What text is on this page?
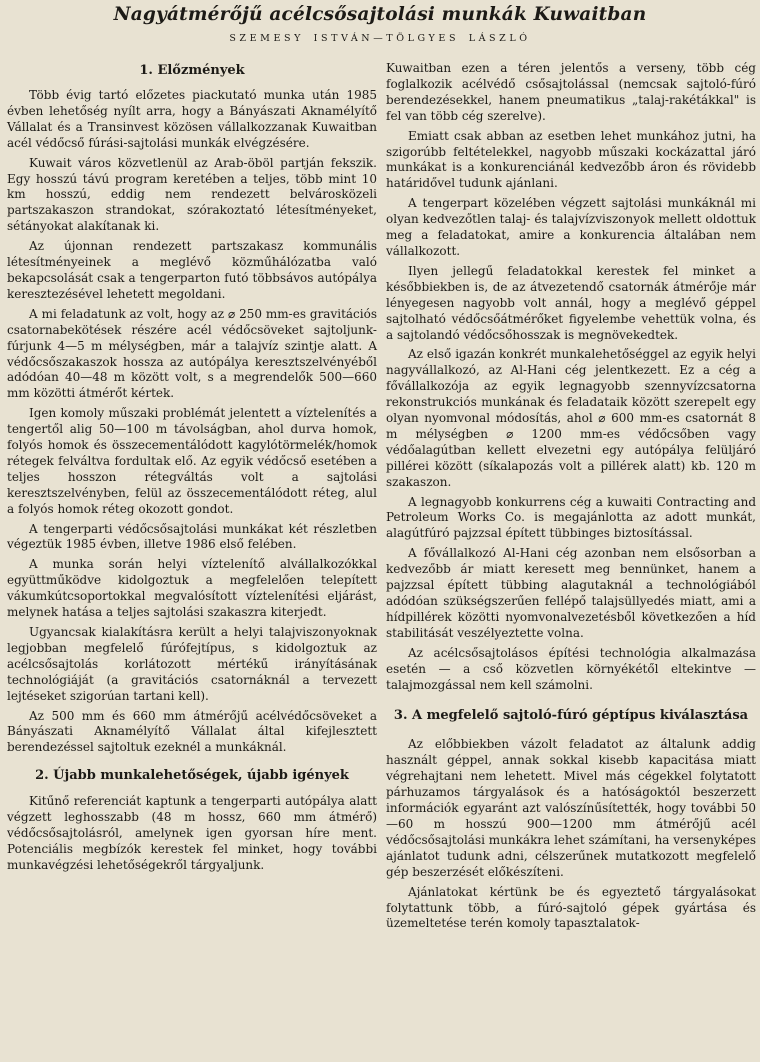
Nagyátmérőjű acélcsősajtolási munkák Kuwaitban
SZEMESY ISTVÁN—TÖLGYES LÁSZLÓ
1. Előzmények

Több évig tartó előzetes piackutató munka után 1985 évben lehetőség nyílt arra, hogy a Bányászati Aknamélyítő Vállalat és a Transinvest közösen vállalkozzanak Kuwaitban acél védőcső fúrási-sajtolási munkák elvégzésére.

Kuwait város közvetlenül az Arab-öböl partján fekszik. Egy hosszú távú program keretében a teljes, több mint 10 km hosszú, eddig nem rendezett belvárosközeli partszakaszon strandokat, szórakoztató létesítményeket, sétányokat alakítanak ki.

Az újonnan rendezett partszakasz kommunális létesítményeinek a meglévő közműhálózatba való bekapcsolását csak a tengerparton futó többsávos autópálya keresztezésével lehetett megoldani.

A mi feladatunk az volt, hogy az ⌀ 250 mm-es gravitációs csatornabekötések részére acél védőcsöveket sajtoljunk-fúrjunk 4—5 m mélységben, már a talajvíz szintje alatt. A védőcsőszakaszok hossza az autópálya keresztszelvényéből adódóan 40—48 m között volt, s a megrendelők 500—660 mm közötti átmérőt kértek.

Igen komoly műszaki problémát jelentett a víztelenítés a tengertől alig 50—100 m távolságban, ahol durva homok, folyós homok és összecementálódott kagylótörmelék/homok rétegek felváltva fordultak elő. Az egyik védőcső esetében a teljes hosszon rétegváltás volt a sajtolási keresztszelvényben, felül az összecementálódott réteg, alul a folyós homok réteg okozott gondot.

A tengerparti védőcsősajtolási munkákat két részletben végeztük 1985 évben, illetve 1986 első felében.

A munka során helyi víztelenítő alvállalkozókkal együttműködve kidolgoztuk a megfelelően telepített vákumkútcsoportokkal megvalósított víztelenítési eljárást, melynek hatása a teljes sajtolási szakaszra kiterjedt.

Ugyancsak kialakításra került a helyi talajviszonyoknak legjobban megfelelő fúrófejtípus, s kidolgoztuk az acélcsősajtolás korlátozott mértékű irányításának technológiáját (a gravitációs csatornáknál a tervezett lejtéseket szigorúan tartani kell).

Az 500 mm és 660 mm átmérőjű acélvédőcsöveket a Bányászati Aknamélyítő Vállalat által kifejlesztett berendezéssel sajtoltuk ezeknél a munkáknál.

2. Újabb munkalehetőségek, újabb igények

Kitűnő referenciát kaptunk a tengerparti autópálya alatt végzett leghosszabb (48 m hossz, 660 mm átmérő) védőcsősajtolásról, amelynek igen gyorsan híre ment. Potenciális megbízók kerestek fel minket, hogy további munkavégzési lehetőségekről tárgyaljunk.

Kuwaitban ezen a téren jelentős a verseny, több cég foglalkozik acélvédő csősajtolással (nemcsak sajtoló-fúró berendezésekkel, hanem pneumatikus „talaj-rakétákkal" is fel van több cég szerelve).

Emiatt csak abban az esetben lehet munkához jutni, ha szigorúbb feltételekkel, nagyobb műszaki kockázattal járó munkákat is a konkurenciánál kedvezőbb áron és rövidebb határidővel tudunk ajánlani.

A tengerpart közelében végzett sajtolási munkáknál mi olyan kedvezőtlen talaj- és talajvízviszonyok mellett oldottuk meg a feladatokat, amire a konkurencia általában nem vállalkozott.

Ilyen jellegű feladatokkal kerestek fel minket a későbbiekben is, de az átvezetendő csatornák átmérője már lényegesen nagyobb volt annál, hogy a meglévő géppel sajtolható védőcsőátmérőket figyelembe vehettük volna, és a sajtolandó védőcsőhosszak is megnövekedtek.

Az első igazán konkrét munkalehetőséggel az egyik helyi nagyvállalkozó, az Al-Hani cég jelentkezett. Ez a cég a fővállalkozója az egyik legnagyobb szennyvízcsatorna rekonstrukciós munkának és feladataik között szerepelt egy olyan nyomvonal módosítás, ahol ⌀ 600 mm-es csatornát 8 m mélységben ⌀ 1200 mm-es védőcsőben vagy védőalagútban kellett elvezetni egy autópálya felüljáró pillérei között (síkalapozás volt a pillérek alatt) kb. 120 m szakaszon.

A legnagyobb konkurrens cég a kuwaiti Contracting and Petroleum Works Co. is megajánlotta az adott munkát, alagútfúró pajzzsal épített tübbinges biztosítással.

A fővállalkozó Al-Hani cég azonban nem elsősorban a kedvezőbb ár miatt keresett meg bennünket, hanem a pajzzsal épített tübbing alagutaknál a technológiából adódóan szükségszerűen fellépő talajsüllyedés miatt, ami a hídpillérek közötti nyomvonalvezetésből következően a híd stabilitását veszélyeztette volna.

Az acélcsősajtolásos építési technológia alkalmazása esetén — a cső közvetlen környékétől eltekintve — talajmozgással nem kell számolni.

3. A megfelelő sajtoló-fúró géptípus kiválasztása

Az előbbiekben vázolt feladatot az általunk addig használt géppel, annak sokkal kisebb kapacitása miatt végrehajtani nem lehetett. Mivel más cégekkel folytatott párhuzamos tárgyalások és a hatóságoktól beszerzett információk egyaránt azt valószínűsítették, hogy további 50—60 m hosszú 900—1200 mm átmérőjű acél védőcsősajtolási munkákra lehet számítani, ha versenyképes ajánlatot tudunk adni, célszerűnek mutatkozott megfelelő gép beszerzését előkészíteni.

Ajánlatokat kértünk be és egyeztető tárgyalásokat folytattunk több, a fúró-sajtoló gépek gyártása és üzemeltetése terén komoly tapasztalatok-
